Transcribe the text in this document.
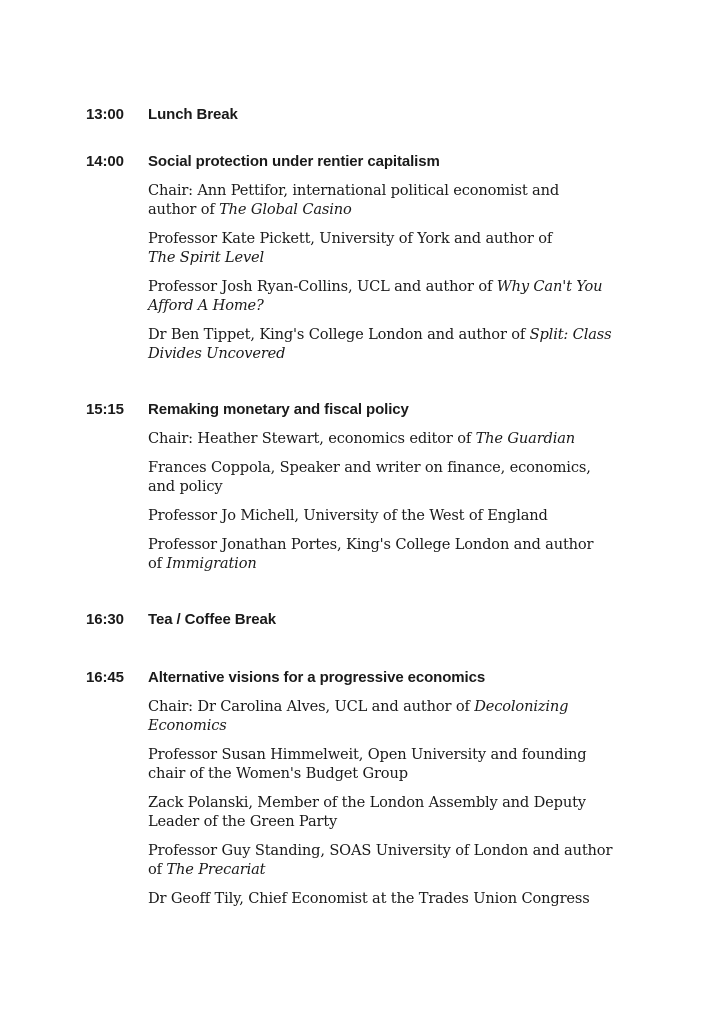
13:00 Lunch Break
14:00 Social protection under rentier capitalism
Chair: Ann Pettifor, international political economist and
author of The Global Casino
Professor Kate Pickett, University of York and author of
The Spirit Level
Professor Josh Ryan-Collins, UCL and author of Why Can't You
Afford A Home?
Dr Ben Tippet, King's College London and author of Split: Class
Divides Uncovered
15:15 Remaking monetary and fiscal policy
Chair: Heather Stewart, economics editor of The Guardian
Frances Coppola, Speaker and writer on finance, economics,
and policy
Professor Jo Michell, University of the West of England
Professor Jonathan Portes, King's College London and author
of Immigration
16:30 Tea / Coffee Break
16:45 Alternative visions for a progressive economics
Chair: Dr Carolina Alves, UCL and author of Decolonizing
Economics
Professor Susan Himmelweit, Open University and founding
chair of the Women's Budget Group
Zack Polanski, Member of the London Assembly and Deputy
Leader of the Green Party
Professor Guy Standing, SOAS University of London and author
of The Precariat
Dr Geoff Tily, Chief Economist at the Trades Union Congress
